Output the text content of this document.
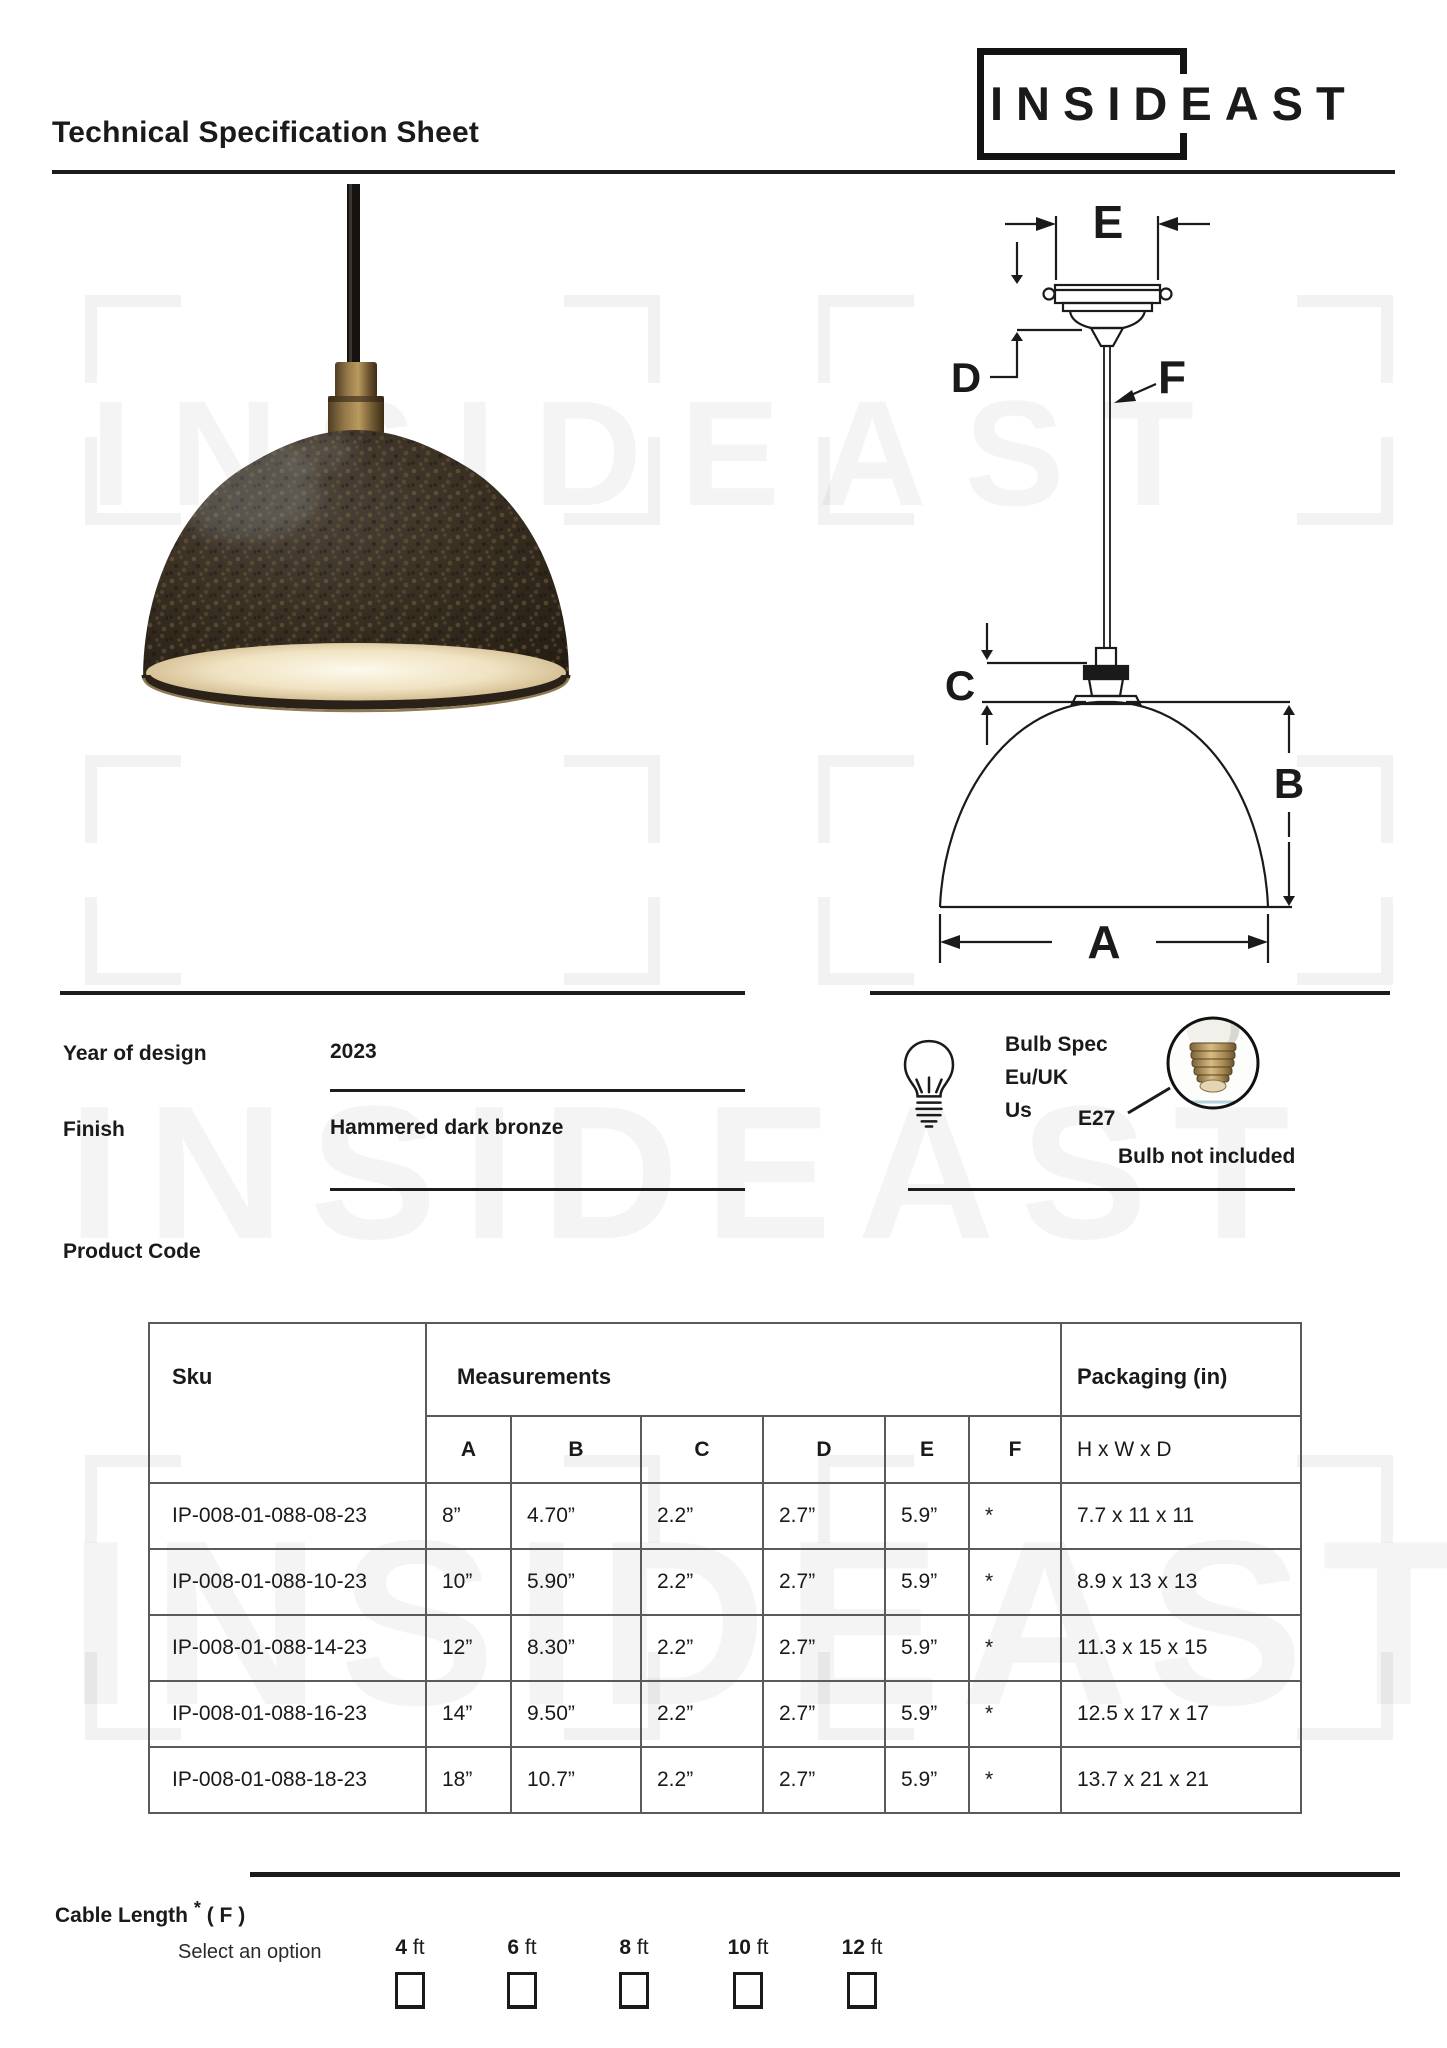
Technical Specification Sheet
INSIDEAST
E
D	F
C
B
A
Year of design	2023
Finish	Hammered dark bronze
Product Code
Bulb Spec
Eu/UK
Us E27
Bulb not included
Sku	Measurements						Packaging (in)
	A	B	C	D	E	F	H x W x D
IP-008-01-088-08-23	8”	4.70”	2.2”	2.7”	5.9”	*	7.7 x 11 x 11
IP-008-01-088-10-23	10”	5.90”	2.2”	2.7”	5.9”	*	8.9 x 13 x 13
IP-008-01-088-14-23	12”	8.30”	2.2”	2.7”	5.9”	*	11.3 x 15 x 15
IP-008-01-088-16-23	14”	9.50”	2.2”	2.7”	5.9”	*	12.5 x 17 x 17
IP-008-01-088-18-23	18”	10.7”	2.2”	2.7”	5.9”	*	13.7 x 21 x 21
Cable Length * ( F )
Select an option	4 ft	6 ft	8 ft	10 ft	12 ft
